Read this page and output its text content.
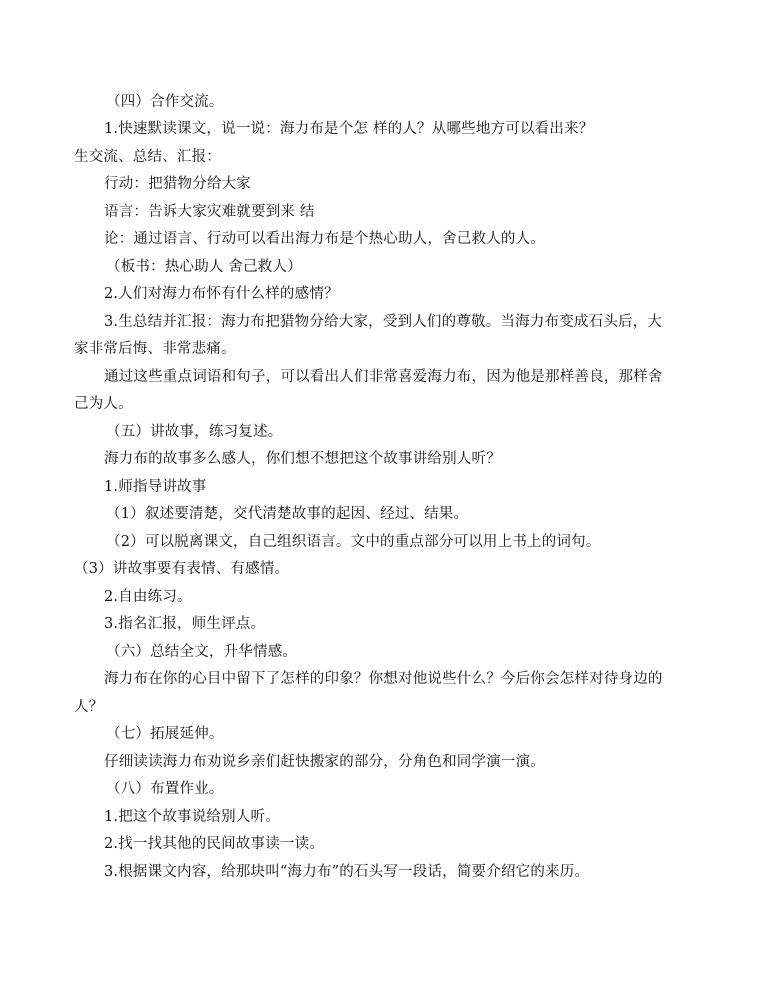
（四）合作交流。
1.快速默读课文，说一说：海力布是个怎 样的人？从哪些地方可以看出来？
生交流、总结、汇报：
行动：把猎物分给大家
语言：告诉大家灾难就要到来 结
论：通过语言、行动可以看出海力布是个热心助人，舍己救人的人。
（板书：热心助人 舍己救人）
2.人们对海力布怀有什么样的感情？
3.生总结并汇报：海力布把猎物分给大家，受到人们的尊敬。当海力布变成石头后，大
家非常后悔、非常悲痛。
通过这些重点词语和句子，可以看出人们非常喜爱海力布，因为他是那样善良，那样舍
己为人。
（五）讲故事，练习复述。
海力布的故事多么感人，你们想不想把这个故事讲给别人听？
1.师指导讲故事
（1）叙述要清楚，交代清楚故事的起因、经过、结果。
（2）可以脱离课文，自己组织语言。文中的重点部分可以用上书上的词句。
（3）讲故事要有表情、有感情。
2.自由练习。
3.指名汇报，师生评点。
（六）总结全文，升华情感。
海力布在你的心目中留下了怎样的印象？你想对他说些什么？今后你会怎样对待身边的
人？
（七）拓展延伸。
仔细读读海力布劝说乡亲们赶快搬家的部分，分角色和同学演一演。
（八）布置作业。
1.把这个故事说给别人听。
2.找一找其他的民间故事读一读。
3.根据课文内容，给那块叫“海力布”的石头写一段话，简要介绍它的来历。
